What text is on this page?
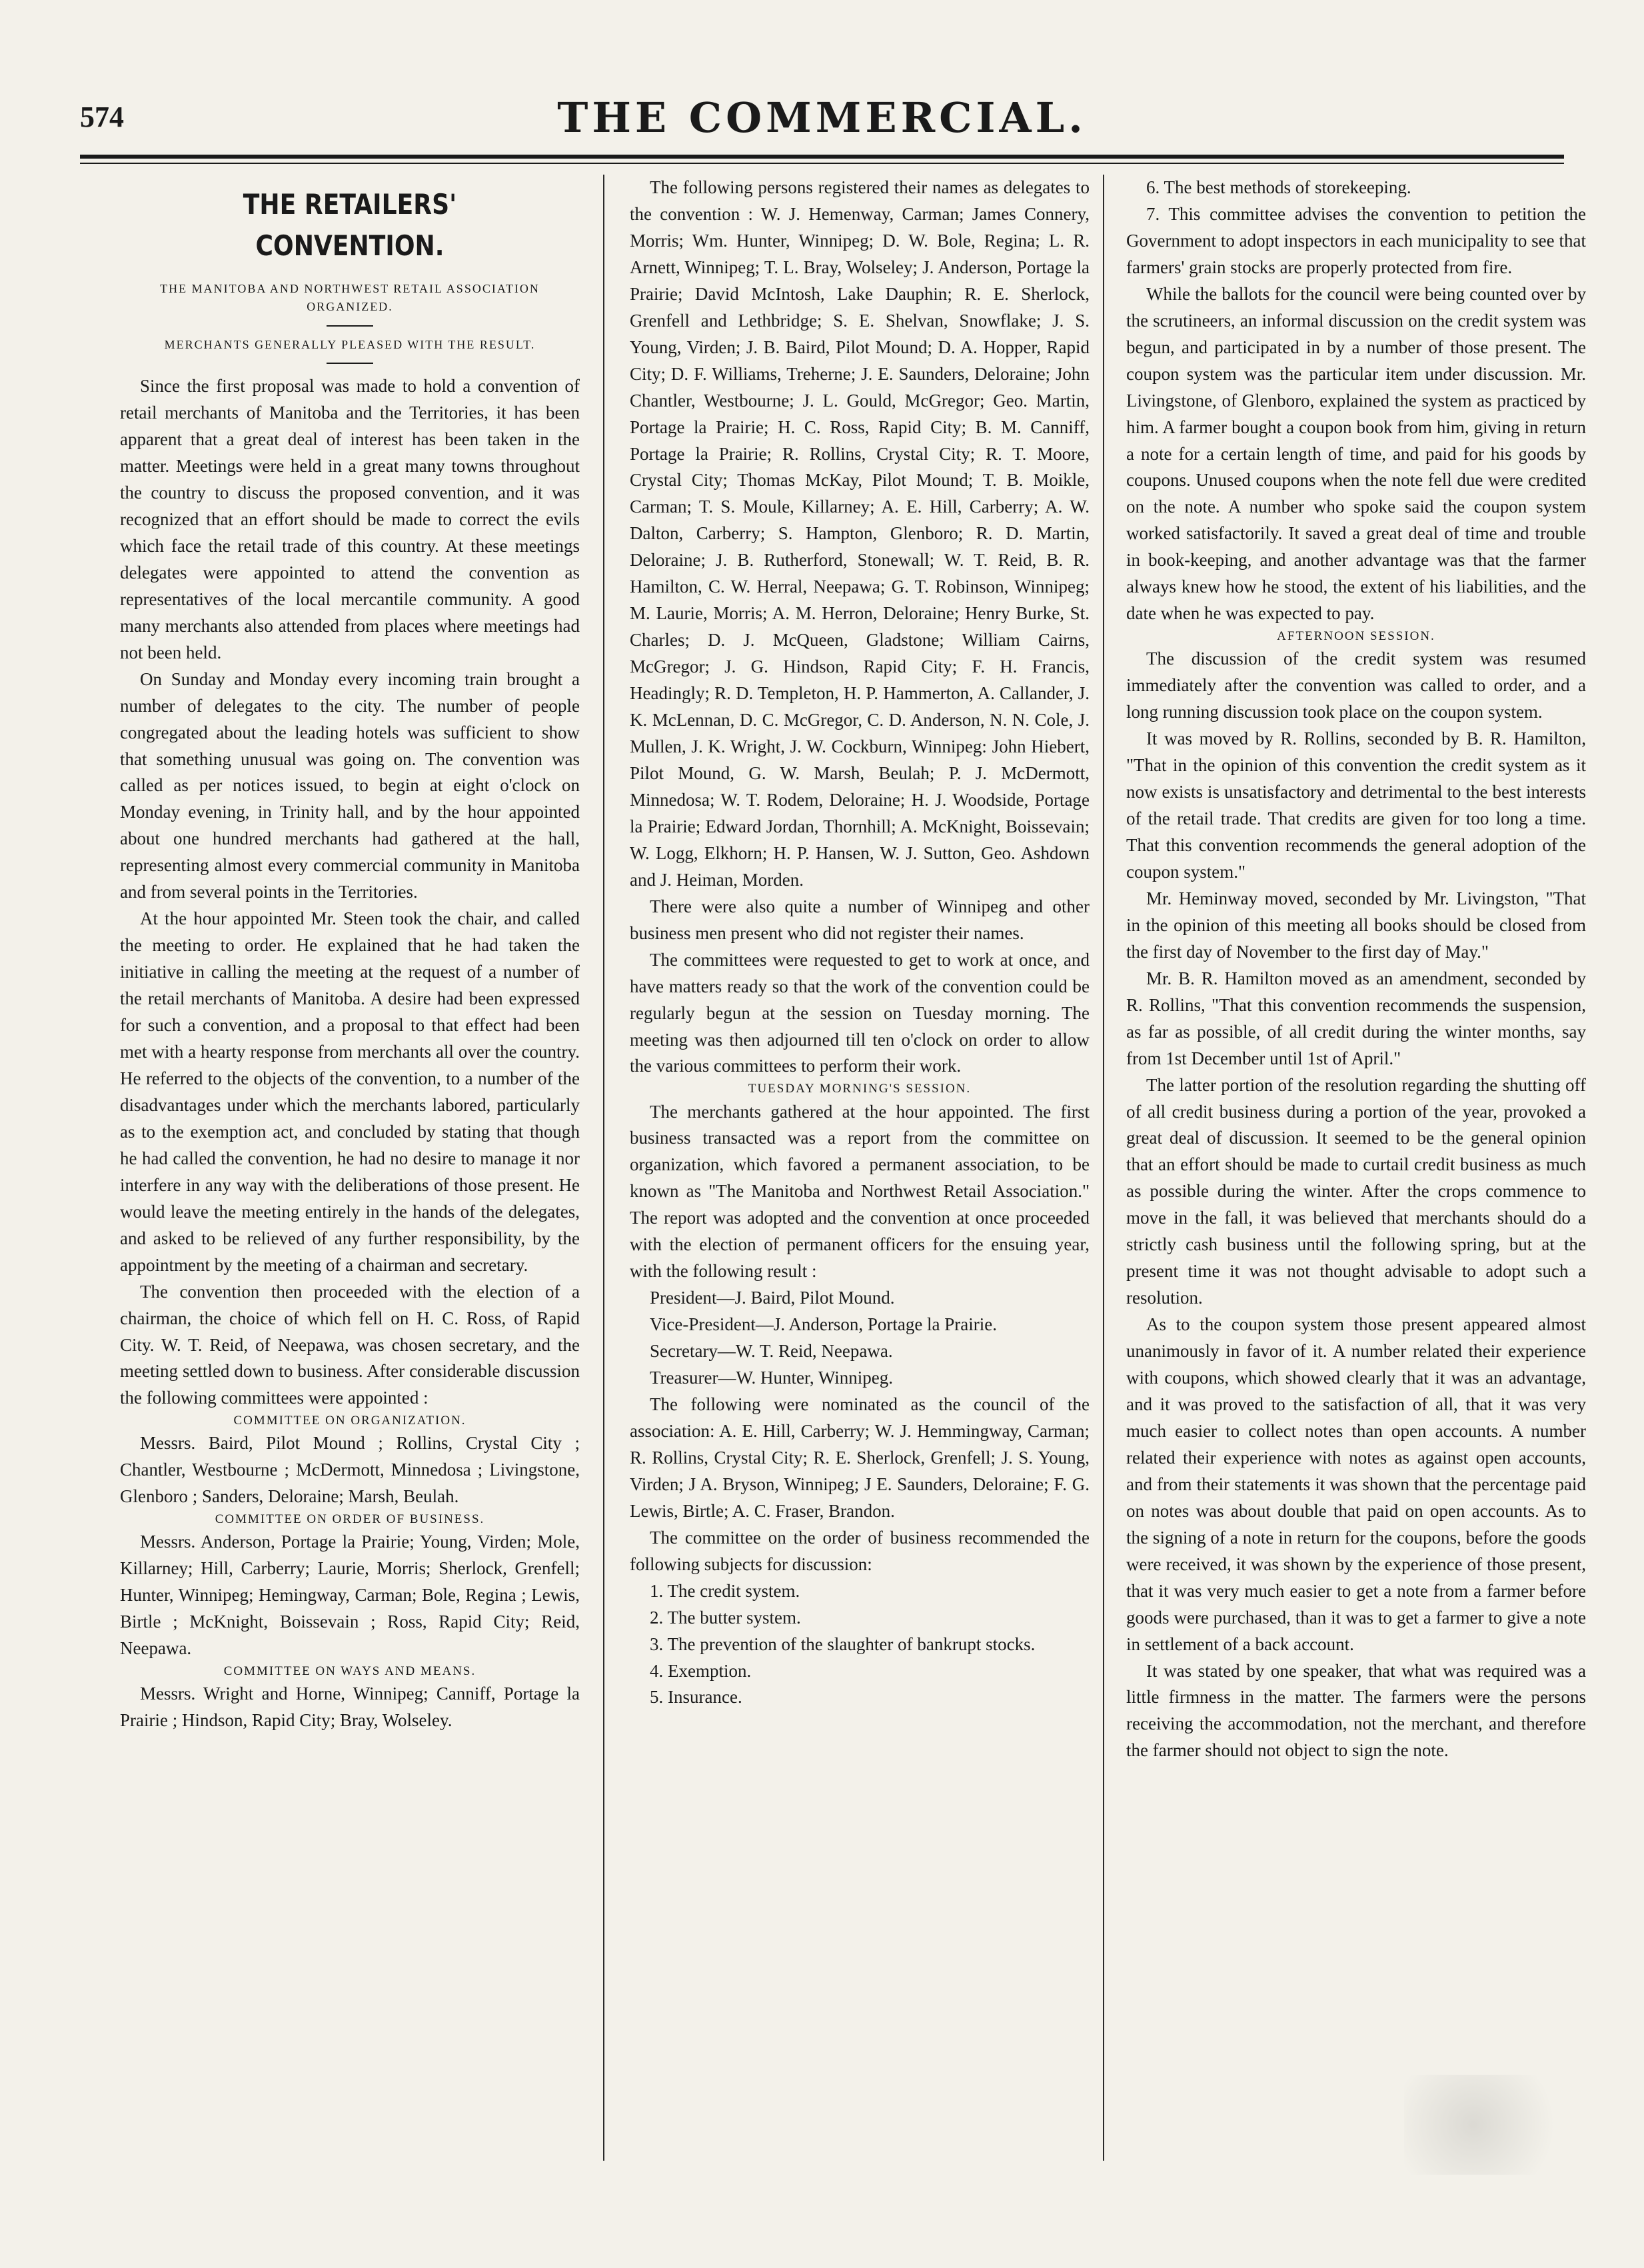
574	THE COMMERCIAL.
THE RETAILERS' CONVENTION.

THE MANITOBA AND NORTHWEST RETAIL ASSOCIATION ORGANIZED.

MERCHANTS GENERALLY PLEASED WITH THE RESULT.

Since the first proposal was made to hold a convention of retail merchants of Manitoba and the Territories, it has been apparent that a great deal of interest has been taken in the matter. Meetings were held in a great many towns throughout the country to discuss the proposed convention, and it was recognized that an effort should be made to correct the evils which face the retail trade of this country. At these meetings delegates were appointed to attend the convention as representatives of the local mercantile community. A good many merchants also attended from places where meetings had not been held.

On Sunday and Monday every incoming train brought a number of delegates to the city. The number of people congregated about the leading hotels was sufficient to show that something unusual was going on. The convention was called as per notices issued, to begin at eight o'clock on Monday evening, in Trinity hall, and by the hour appointed about one hundred merchants had gathered at the hall, representing almost every commercial community in Manitoba and from several points in the Territories.

At the hour appointed Mr. Steen took the chair, and called the meeting to order. He explained that he had taken the initiative in calling the meeting at the request of a number of the retail merchants of Manitoba. A desire had been expressed for such a convention, and a proposal to that effect had been met with a hearty response from merchants all over the country. He referred to the objects of the convention, to a number of the disadvantages under which the merchants labored, particularly as to the exemption act, and concluded by stating that though he had called the convention, he had no desire to manage it nor interfere in any way with the deliberations of those present. He would leave the meeting entirely in the hands of the delegates, and asked to be relieved of any further responsibility, by the appointment by the meeting of a chairman and secretary.

The convention then proceeded with the election of a chairman, the choice of which fell on H. C. Ross, of Rapid City. W. T. Reid, of Neepawa, was chosen secretary, and the meeting settled down to business. After considerable discussion the following committees were appointed :

COMMITTEE ON ORGANIZATION.

Messrs. Baird, Pilot Mound ; Rollins, Crystal City ; Chantler, Westbourne ; McDermott, Minnedosa ; Livingstone, Glenboro ; Sanders, Deloraine; Marsh, Beulah.

COMMITTEE ON ORDER OF BUSINESS.

Messrs. Anderson, Portage la Prairie; Young, Virden; Mole, Killarney; Hill, Carberry; Laurie, Morris; Sherlock, Grenfell; Hunter, Winnipeg; Hemingway, Carman; Bole, Regina ; Lewis, Birtle ; McKnight, Boissevain ; Ross, Rapid City; Reid, Neepawa.

COMMITTEE ON WAYS AND MEANS.

Messrs. Wright and Horne, Winnipeg; Canniff, Portage la Prairie ; Hindson, Rapid City; Bray, Wolseley.

The following persons registered their names as delegates to the convention : W. J. Hemenway, Carman; James Connery, Morris; Wm. Hunter, Winnipeg; D. W. Bole, Regina; L. R. Arnett, Winnipeg; T. L. Bray, Wolseley; J. Anderson, Portage la Prairie; David McIntosh, Lake Dauphin; R. E. Sherlock, Grenfell and Lethbridge; S. E. Shelvan, Snowflake; J. S. Young, Virden; J. B. Baird, Pilot Mound; D. A. Hopper, Rapid City; D. F. Williams, Treherne; J. E. Saunders, Deloraine; John Chantler, Westbourne; J. L. Gould, McGregor; Geo. Martin, Portage la Prairie; H. C. Ross, Rapid City; B. M. Canniff, Portage la Prairie; R. Rollins, Crystal City; R. T. Moore, Crystal City; Thomas McKay, Pilot Mound; T. B. Moikle, Carman; T. S. Moule, Killarney; A. E. Hill, Carberry; A. W. Dalton, Carberry; S. Hampton, Glenboro; R. D. Martin, Deloraine; J. B. Rutherford, Stonewall; W. T. Reid, B. R. Hamilton, C. W. Herral, Neepawa; G. T. Robinson, Winnipeg; M. Laurie, Morris; A. M. Herron, Deloraine; Henry Burke, St. Charles; D. J. McQueen, Gladstone; William Cairns, McGregor; J. G. Hindson, Rapid City; F. H. Francis, Headingly; R. D. Templeton, H. P. Hammerton, A. Callander, J. K. McLennan, D. C. McGregor, C. D. Anderson, N. N. Cole, J. Mullen, J. K. Wright, J. W. Cockburn, Winnipeg: John Hiebert, Pilot Mound, G. W. Marsh, Beulah; P. J. McDermott, Minnedosa; W. T. Rodem, Deloraine; H. J. Woodside, Portage la Prairie; Edward Jordan, Thornhill; A. McKnight, Boissevain; W. Logg, Elkhorn; H. P. Hansen, W. J. Sutton, Geo. Ashdown and J. Heiman, Morden.

There were also quite a number of Winnipeg and other business men present who did not register their names.

The committees were requested to get to work at once, and have matters ready so that the work of the convention could be regularly begun at the session on Tuesday morning. The meeting was then adjourned till ten o'clock on order to allow the various committees to perform their work.

TUESDAY MORNING'S SESSION.

The merchants gathered at the hour appointed. The first business transacted was a report from the committee on organization, which favored a permanent association, to be known as "The Manitoba and Northwest Retail Association." The report was adopted and the convention at once proceeded with the election of permanent officers for the ensuing year, with the following result :

President—J. Baird, Pilot Mound.

Vice-President—J. Anderson, Portage la Prairie.

Secretary—W. T. Reid, Neepawa.

Treasurer—W. Hunter, Winnipeg.

The following were nominated as the council of the association: A. E. Hill, Carberry; W. J. Hemmingway, Carman; R. Rollins, Crystal City; R. E. Sherlock, Grenfell; J. S. Young, Virden; J A. Bryson, Winnipeg; J E. Saunders, Deloraine; F. G. Lewis, Birtle; A. C. Fraser, Brandon.

The committee on the order of business recommended the following subjects for discussion:

1. The credit system.

2. The butter system.

3. The prevention of the slaughter of bankrupt stocks.

4. Exemption.

5. Insurance.

6. The best methods of storekeeping.

7. This committee advises the convention to petition the Government to adopt inspectors in each municipality to see that farmers' grain stocks are properly protected from fire.

While the ballots for the council were being counted over by the scrutineers, an informal discussion on the credit system was begun, and participated in by a number of those present. The coupon system was the particular item under discussion. Mr. Livingstone, of Glenboro, explained the system as practiced by him. A farmer bought a coupon book from him, giving in return a note for a certain length of time, and paid for his goods by coupons. Unused coupons when the note fell due were credited on the note. A number who spoke said the coupon system worked satisfactorily. It saved a great deal of time and trouble in book-keeping, and another advantage was that the farmer always knew how he stood, the extent of his liabilities, and the date when he was expected to pay.

AFTERNOON SESSION.

The discussion of the credit system was resumed immediately after the convention was called to order, and a long running discussion took place on the coupon system.

It was moved by R. Rollins, seconded by B. R. Hamilton, "That in the opinion of this convention the credit system as it now exists is unsatisfactory and detrimental to the best interests of the retail trade. That credits are given for too long a time. That this convention recommends the general adoption of the coupon system."

Mr. Heminway moved, seconded by Mr. Livingston, "That in the opinion of this meeting all books should be closed from the first day of November to the first day of May."

Mr. B. R. Hamilton moved as an amendment, seconded by R. Rollins, "That this convention recommends the suspension, as far as possible, of all credit during the winter months, say from 1st December until 1st of April."

The latter portion of the resolution regarding the shutting off of all credit business during a portion of the year, provoked a great deal of discussion. It seemed to be the general opinion that an effort should be made to curtail credit business as much as possible during the winter. After the crops commence to move in the fall, it was believed that merchants should do a strictly cash business until the following spring, but at the present time it was not thought advisable to adopt such a resolution.

As to the coupon system those present appeared almost unanimously in favor of it. A number related their experience with coupons, which showed clearly that it was an advantage, and it was proved to the satisfaction of all, that it was very much easier to collect notes than open accounts. A number related their experience with notes as against open accounts, and from their statements it was shown that the percentage paid on notes was about double that paid on open accounts. As to the signing of a note in return for the coupons, before the goods were received, it was shown by the experience of those present, that it was very much easier to get a note from a farmer before goods were purchased, than it was to get a farmer to give a note in settlement of a back account.

It was stated by one speaker, that what was required was a little firmness in the matter. The farmers were the persons receiving the accommodation, not the merchant, and therefore the farmer should not object to sign the note.
